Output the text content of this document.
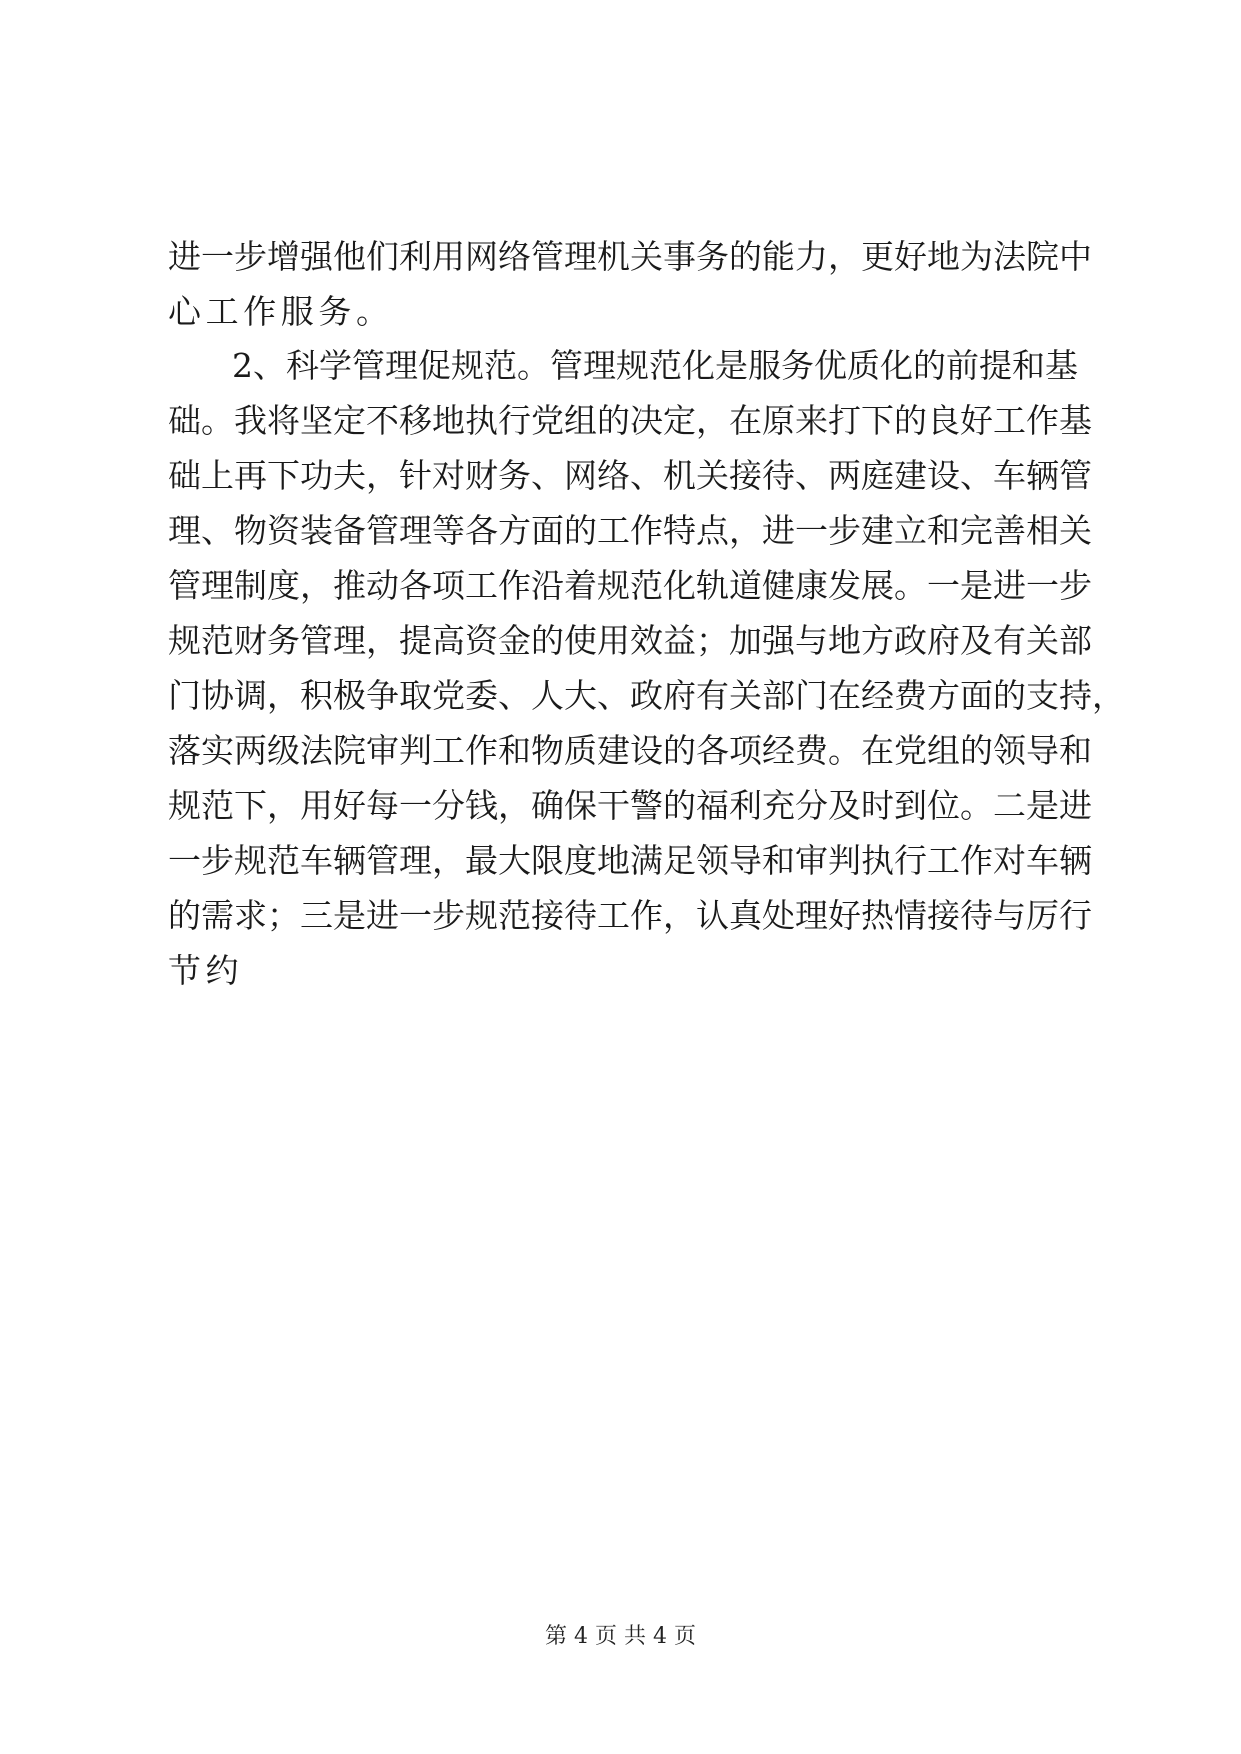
进一步增强他们利用网络管理机关事务的能力，更好地为法院中
心工作服务。
2、科学管理促规范。管理规范化是服务优质化的前提和基
础。我将坚定不移地执行党组的决定，在原来打下的良好工作基
础上再下功夫，针对财务、网络、机关接待、两庭建设、车辆管
理、物资装备管理等各方面的工作特点，进一步建立和完善相关
管理制度，推动各项工作沿着规范化轨道健康发展。一是进一步
规范财务管理，提高资金的使用效益；加强与地方政府及有关部
门协调，积极争取党委、人大、政府有关部门在经费方面的支持，
落实两级法院审判工作和物质建设的各项经费。在党组的领导和
规范下，用好每一分钱，确保干警的福利充分及时到位。二是进
一步规范车辆管理，最大限度地满足领导和审判执行工作对车辆
的需求；三是进一步规范接待工作，认真处理好热情接待与厉行
节约
第 4 页 共 4 页
